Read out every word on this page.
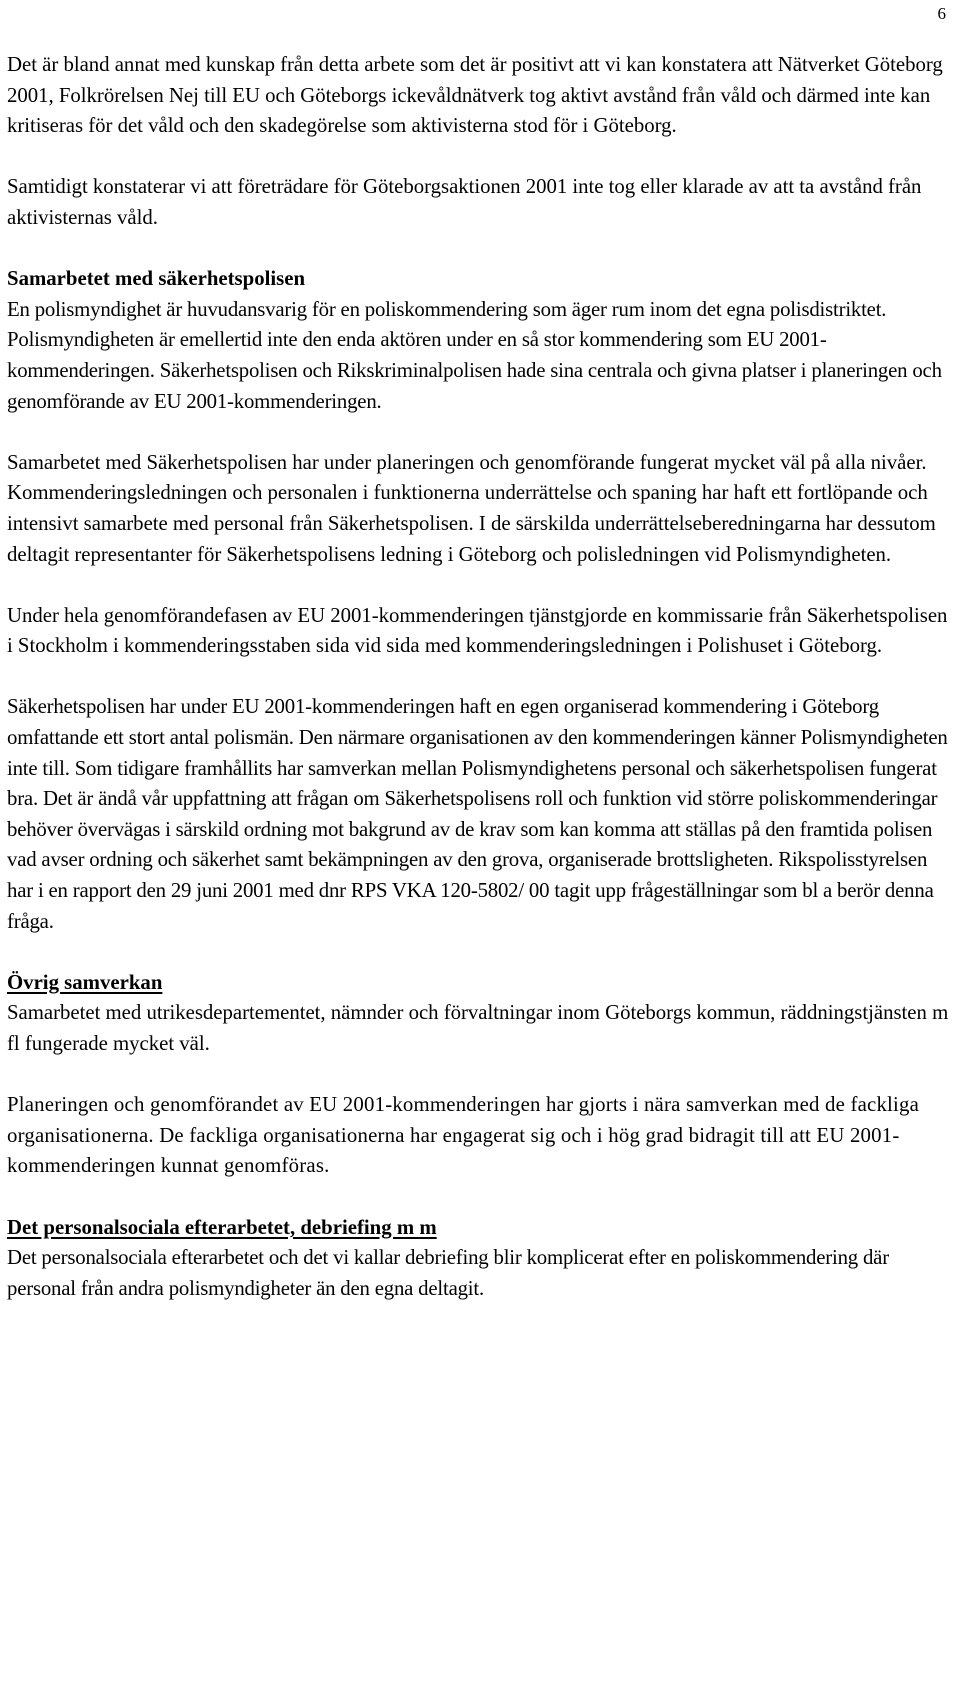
6

Det är bland annat med kunskap från detta arbete som det är positivt att vi kan konstatera att Nätverket Göteborg 2001, Folkrörelsen Nej till EU och Göteborgs ickevåldnätverk tog aktivt avstånd från våld och därmed inte kan kritiseras för det våld och den skadegörelse som aktivisterna stod för i Göteborg.

Samtidigt konstaterar vi att företrädare för Göteborgsaktionen 2001 inte tog eller klarade av att ta avstånd från aktivisternas våld.

Samarbetet med säkerhetspolisen
En polismyndighet är huvudansvarig för en poliskommendering som äger rum inom det egna polisdistriktet. Polismyndigheten är emellertid inte den enda aktören under en så stor kommendering som EU 2001-kommenderingen. Säkerhetspolisen och Rikskriminalpolisen hade sina centrala och givna platser i planeringen och genomförande av EU 2001-kommenderingen.

Samarbetet med Säkerhetspolisen har under planeringen och genomförande fungerat mycket väl på alla nivåer. Kommenderingsledningen och personalen i funktionerna underrättelse och spaning har haft ett fortlöpande och intensivt samarbete med personal från Säkerhetspolisen. I de särskilda underrättelseberedningarna har dessutom deltagit representanter för Säkerhetspolisens ledning i Göteborg och polisledningen vid Polismyndigheten.

Under hela genomförandefasen av EU 2001-kommenderingen tjänstgjorde en kommissarie från Säkerhetspolisen i Stockholm i kommenderingsstaben sida vid sida med kommenderingsledningen i Polishuset i Göteborg.

Säkerhetspolisen har under EU 2001-kommenderingen haft en egen organiserad kommendering i Göteborg omfattande ett stort antal polismän. Den närmare organisationen av den kommenderingen känner Polismyndigheten inte till. Som tidigare framhållits har samverkan mellan Polismyndighetens personal och säkerhetspolisen fungerat bra. Det är ändå vår uppfattning att frågan om Säkerhetspolisens roll och funktion vid större poliskommenderingar behöver övervägas i särskild ordning mot bakgrund av de krav som kan komma att ställas på den framtida polisen vad avser ordning och säkerhet samt bekämpningen av den grova, organiserade brottsligheten. Rikspolisstyrelsen har i en rapport den 29 juni 2001 med dnr RPS VKA 120-5802/ 00 tagit upp frågeställningar som bl a berör denna fråga.

Övrig samverkan
Samarbetet med utrikesdepartementet, nämnder och förvaltningar inom Göteborgs kommun, räddningstjänsten m fl fungerade mycket väl.

Planeringen och genomförandet av EU 2001-kommenderingen har gjorts i nära samverkan med de fackliga organisationerna. De fackliga organisationerna har engagerat sig och i hög grad bidragit till att EU 2001-kommenderingen kunnat genomföras.

Det personalsociala efterarbetet, debriefing m m
Det personalsociala efterarbetet och det vi kallar debriefing blir komplicerat efter en poliskommendering där personal från andra polismyndigheter än den egna deltagit.
